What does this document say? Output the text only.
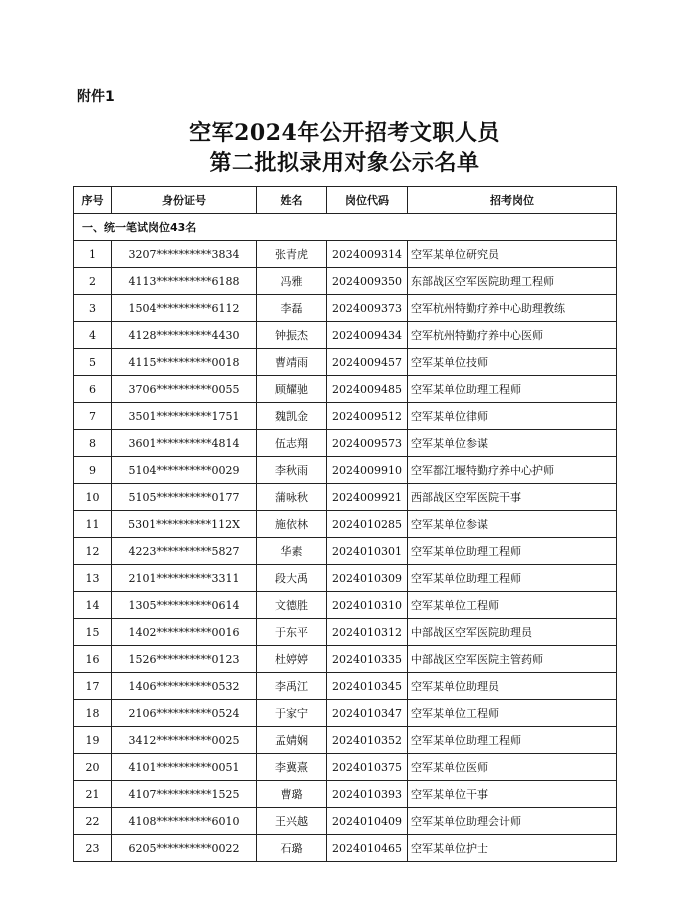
附件1
空军2024年公开招考文职人员
第二批拟录用对象公示名单
序号	身份证号	姓名	岗位代码	招考岗位
一、统一笔试岗位43名				
1	3207**********3834	张青虎	2024009314	空军某单位研究员
2	4113**********6188	冯雅	2024009350	东部战区空军医院助理工程师
3	1504**********6112	李磊	2024009373	空军杭州特勤疗养中心助理教练
4	4128**********4430	钟振杰	2024009434	空军杭州特勤疗养中心医师
5	4115**********0018	曹靖雨	2024009457	空军某单位技师
6	3706**********0055	顾耀驰	2024009485	空军某单位助理工程师
7	3501**********1751	魏凯金	2024009512	空军某单位律师
8	3601**********4814	伍志翔	2024009573	空军某单位参谋
9	5104**********0029	李秋雨	2024009910	空军都江堰特勤疗养中心护师
10	5105**********0177	蒲咏秋	2024009921	西部战区空军医院干事
11	5301**********112X	施依林	2024010285	空军某单位参谋
12	4223**********5827	华素	2024010301	空军某单位助理工程师
13	2101**********3311	段大禹	2024010309	空军某单位助理工程师
14	1305**********0614	文德胜	2024010310	空军某单位工程师
15	1402**********0016	于东平	2024010312	中部战区空军医院助理员
16	1526**********0123	杜婷婷	2024010335	中部战区空军医院主管药师
17	1406**********0532	李禹江	2024010345	空军某单位助理员
18	2106**********0524	于家宁	2024010347	空军某单位工程师
19	3412**********0025	孟婧娴	2024010352	空军某单位助理工程师
20	4101**********0051	李冀熹	2024010375	空军某单位医师
21	4107**********1525	曹璐	2024010393	空军某单位干事
22	4108**********6010	王兴越	2024010409	空军某单位助理会计师
23	6205**********0022	石璐	2024010465	空军某单位护士
